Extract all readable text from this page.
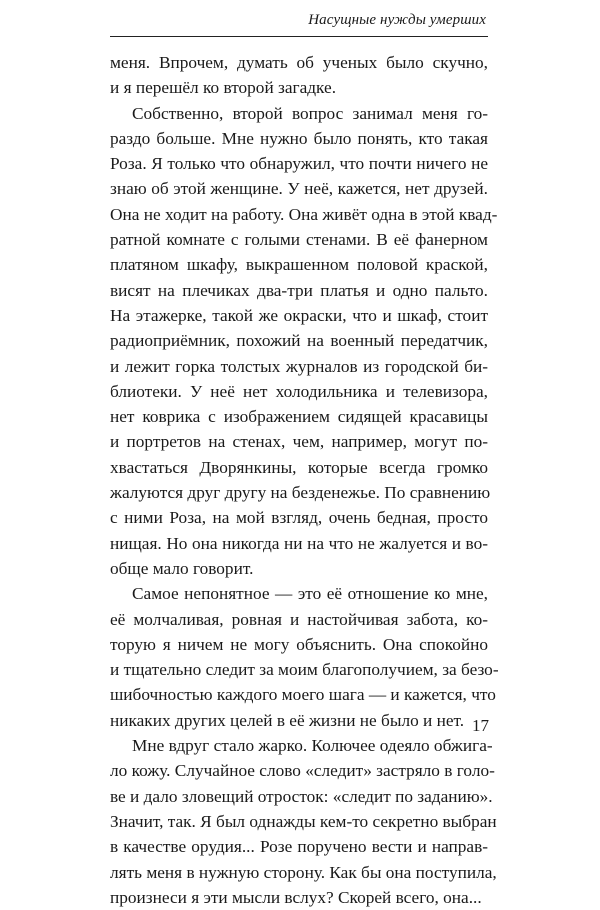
Насущные нужды умерших
меня. Впрочем, думать об ученых было скучно,
и я перешёл ко второй загадке.
Собственно, второй вопрос занимал меня го-
раздо больше. Мне нужно было понять, кто такая
Роза. Я только что обнаружил, что почти ничего не
знаю об этой женщине. У неё, кажется, нет друзей.
Она не ходит на работу. Она живёт одна в этой квад-
ратной комнате с голыми стенами. В её фанерном
платяном шкафу, выкрашенном половой краской,
висят на плечиках два-три платья и одно пальто.
На этажерке, такой же окраски, что и шкаф, стоит
радиоприёмник, похожий на военный передатчик,
и лежит горка толстых журналов из городской би-
блиотеки. У неё нет холодильника и телевизора,
нет коврика с изображением сидящей красавицы
и портретов на стенах, чем, например, могут по-
хвастаться Дворянкины, которые всегда громко
жалуются друг другу на безденежье. По сравнению
с ними Роза, на мой взгляд, очень бедная, просто
нищая. Но она никогда ни на что не жалуется и во-
обще мало говорит.
Самое непонятное — это её отношение ко мне,
её молчаливая, ровная и настойчивая забота, ко-
торую я ничем не могу объяснить. Она спокойно
и тщательно следит за моим благополучием, за безо-
шибочностью каждого моего шага — и кажется, что
никаких других целей в её жизни не было и нет.
Мне вдруг стало жарко. Колючее одеяло обжига-
ло кожу. Случайное слово «следит» застряло в голо-
ве и дало зловещий отросток: «следит по заданию».
Значит, так. Я был однажды кем-то секретно выбран
в качестве орудия... Розе поручено вести и направ-
лять меня в нужную сторону. Как бы она поступила,
произнеси я эти мысли вслух? Скорей всего, она...
17
